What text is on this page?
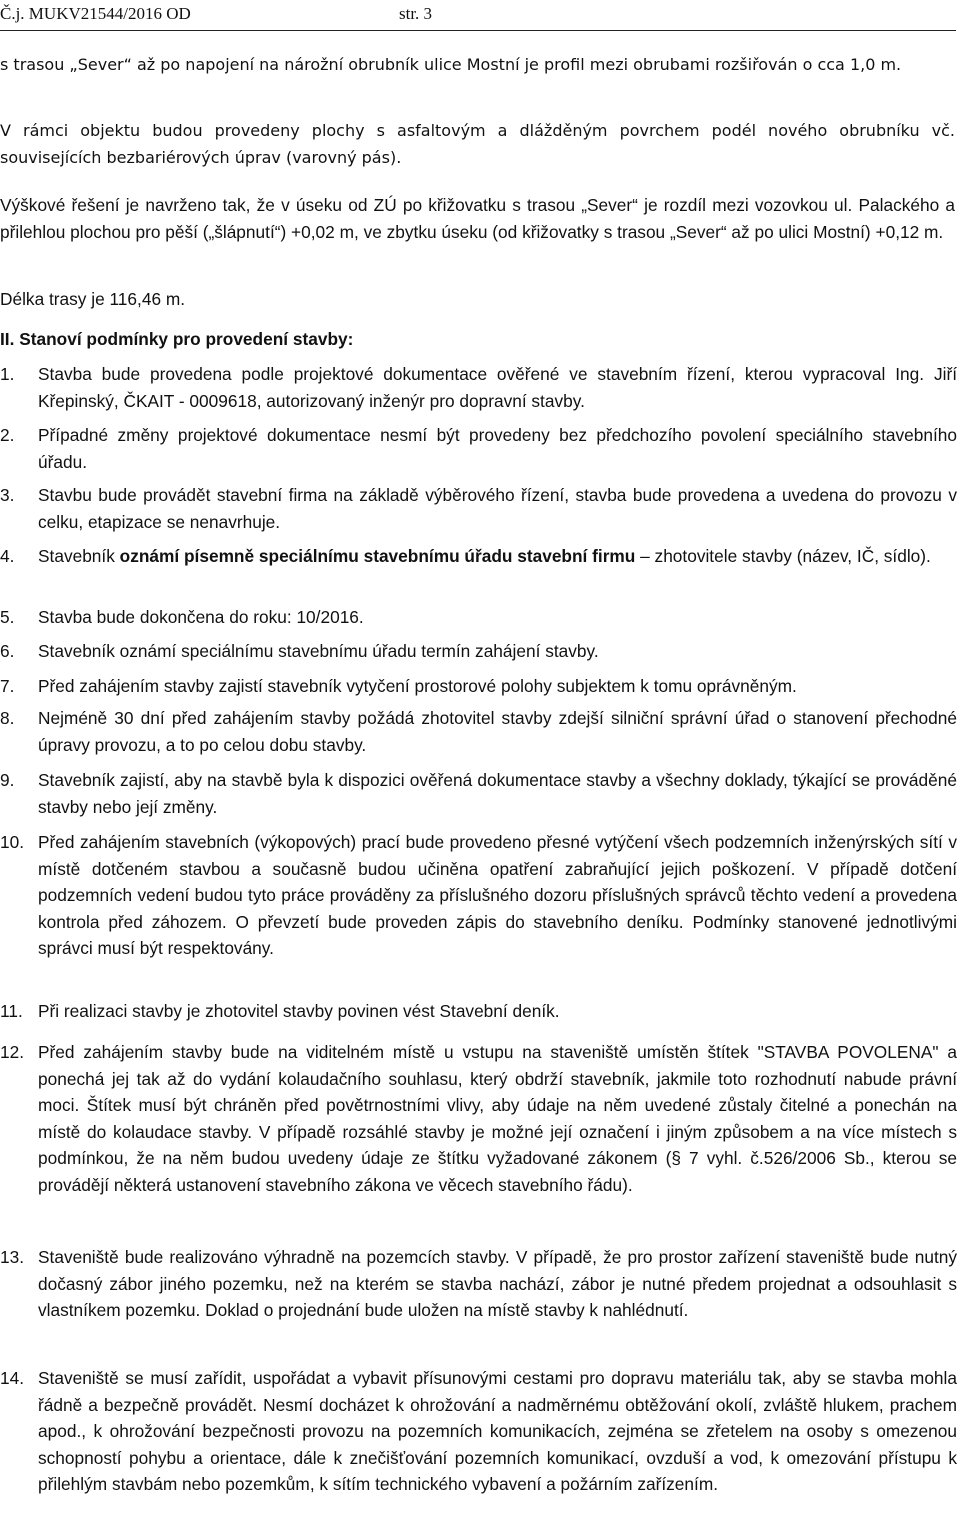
Č.j. MUKV21544/2016 OD	str. 3
s trasou „Sever“ až po napojení na nárožní obrubník ulice Mostní je profil mezi obrubami rozšiřován o cca 1,0 m.
V rámci objektu budou provedeny plochy s asfaltovým a dlážděným povrchem podél nového obrubníku vč. souvisejících bezbariérových úprav (varovný pás).
Výškové řešení je navrženo tak, že v úseku od ZÚ po křižovatku s trasou „Sever“ je rozdíl mezi vozovkou ul. Palackého a přilehlou plochou pro pěší („šlápnutí“) +0,02 m, ve zbytku úseku (od křižovatky s trasou „Sever“ až po ulici Mostní) +0,12 m.
Délka trasy je 116,46 m.
II. Stanoví podmínky pro provedení stavby:
1. Stavba bude provedena podle projektové dokumentace ověřené ve stavebním řízení, kterou vypracoval Ing. Jiří Křepinský, ČKAIT - 0009618, autorizovaný inženýr pro dopravní stavby.
2. Případné změny projektové dokumentace nesmí být provedeny bez předchozího povolení speciálního stavebního úřadu.
3. Stavbu bude provádět stavební firma na základě výběrového řízení, stavba bude provedena a uvedena do provozu v celku, etapizace se nenavrhuje.
4. Stavebník oznámí písemně speciálnímu stavebnímu úřadu stavební firmu – zhotovitele stavby (název, IČ, sídlo).
5. Stavba bude dokončena do roku: 10/2016.
6. Stavebník oznámí speciálnímu stavebnímu úřadu termín zahájení stavby.
7. Před zahájením stavby zajistí stavebník vytyčení prostorové polohy subjektem k tomu oprávněným.
8. Nejméně 30 dní před zahájením stavby požádá zhotovitel stavby zdejší silniční správní úřad o stanovení přechodné úpravy provozu, a to po celou dobu stavby.
9. Stavebník zajistí, aby na stavbě byla k dispozici ověřená dokumentace stavby a všechny doklady, týkající se prováděné stavby nebo její změny.
10. Před zahájením stavebních (výkopových) prací bude provedeno přesné vytýčení všech podzemních inženýrských sítí v místě dotčeném stavbou a současně budou učiněna opatření zabraňující jejich poškození. V případě dotčení podzemních vedení budou tyto práce prováděny za příslušného dozoru příslušných správců těchto vedení a provedena kontrola před záhozem. O převzetí bude proveden zápis do stavebního deníku. Podmínky stanovené jednotlivými správci musí být respektovány.
11. Při realizaci stavby je zhotovitel stavby povinen vést Stavební deník.
12. Před zahájením stavby bude na viditelném místě u vstupu na staveniště umístěn štítek "STAVBA POVOLENA" a ponechá jej tak až do vydání kolaudačního souhlasu, který obdrží stavebník, jakmile toto rozhodnutí nabude právní moci. Štítek musí být chráněn před povětrnostními vlivy, aby údaje na něm uvedené zůstaly čitelné a ponechán na místě do kolaudace stavby. V případě rozsáhlé stavby je možné její označení i jiným způsobem a na více místech s podmínkou, že na něm budou uvedeny údaje ze štítku vyžadované zákonem (§ 7 vyhl. č.526/2006 Sb., kterou se provádějí některá ustanovení stavebního zákona ve věcech stavebního řádu).
13. Staveniště bude realizováno výhradně na pozemcích stavby. V případě, že pro prostor zařízení staveniště bude nutný dočasný zábor jiného pozemku, než na kterém se stavba nachází, zábor je nutné předem projednat a odsouhlasit s vlastníkem pozemku. Doklad o projednání bude uložen na místě stavby k nahlédnutí.
14. Staveniště se musí zařídit, uspořádat a vybavit přísunovými cestami pro dopravu materiálu tak, aby se stavba mohla řádně a bezpečně provádět. Nesmí docházet k ohrožování a nadměrnému obtěžování okolí, zvláště hlukem, prachem apod., k ohrožování bezpečnosti provozu na pozemních komunikacích, zejména se zřetelem na osoby s omezenou schopností pohybu a orientace, dále k znečišťování pozemních komunikací, ovzduší a vod, k omezování přístupu k přilehlým stavbám nebo pozemkům, k sítím technického vybavení a požárním zařízením.
